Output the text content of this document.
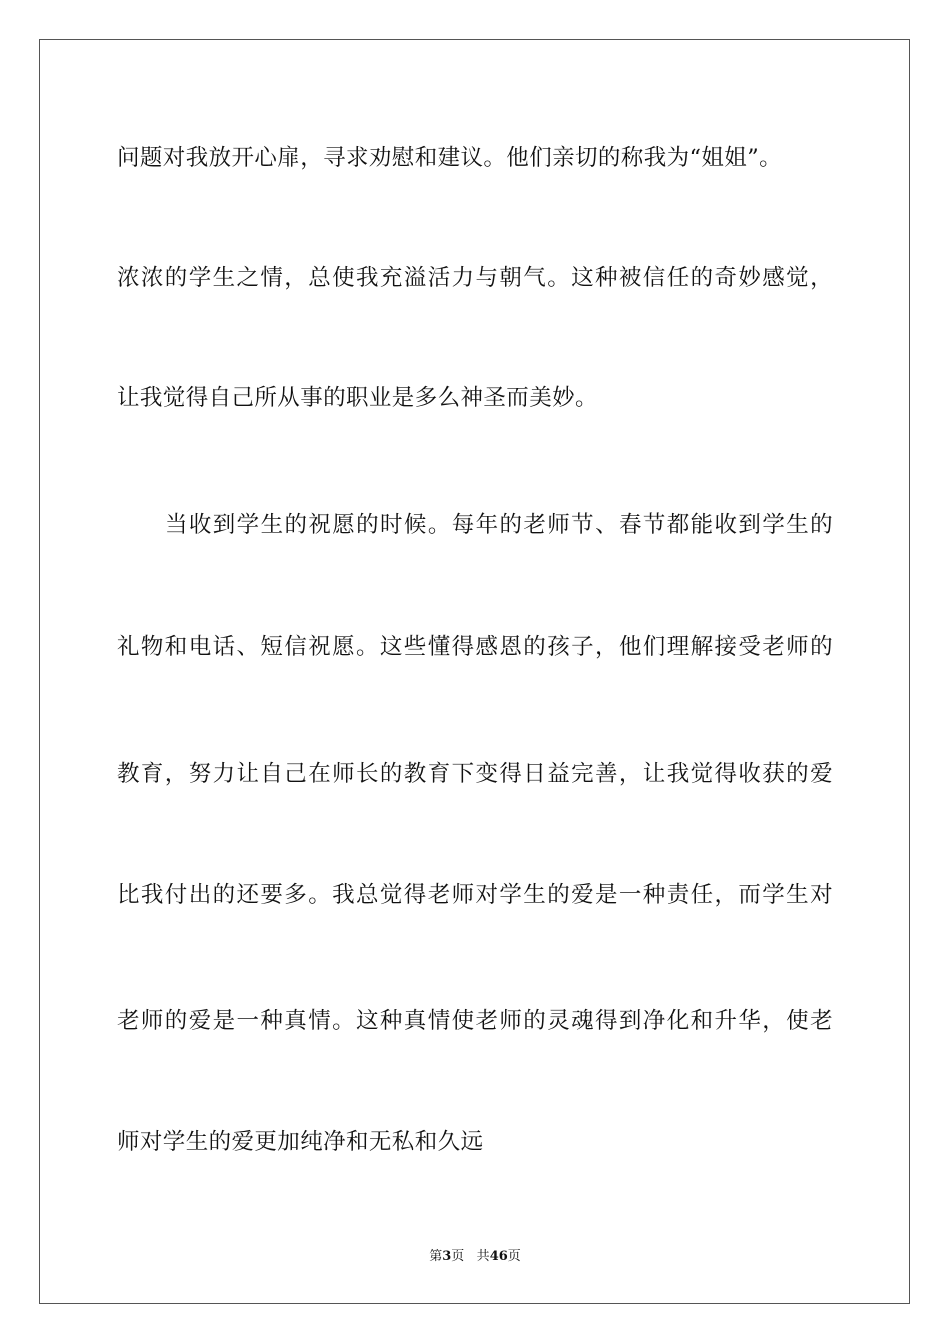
问题对我放开心扉，寻求劝慰和建议。他们亲切的称我为“姐姐”。
浓浓的学生之情，总使我充溢活力与朝气。这种被信任的奇妙感觉，
让我觉得自己所从事的职业是多么神圣而美妙。
当收到学生的祝愿的时候。每年的老师节、春节都能收到学生的
礼物和电话、短信祝愿。这些懂得感恩的孩子，他们理解接受老师的
教育，努力让自己在师长的教育下变得日益完善，让我觉得收获的爱
比我付出的还要多。我总觉得老师对学生的爱是一种责任，而学生对
老师的爱是一种真情。这种真情使老师的灵魂得到净化和升华，使老
师对学生的爱更加纯净和无私和久远
第3页 共46页
